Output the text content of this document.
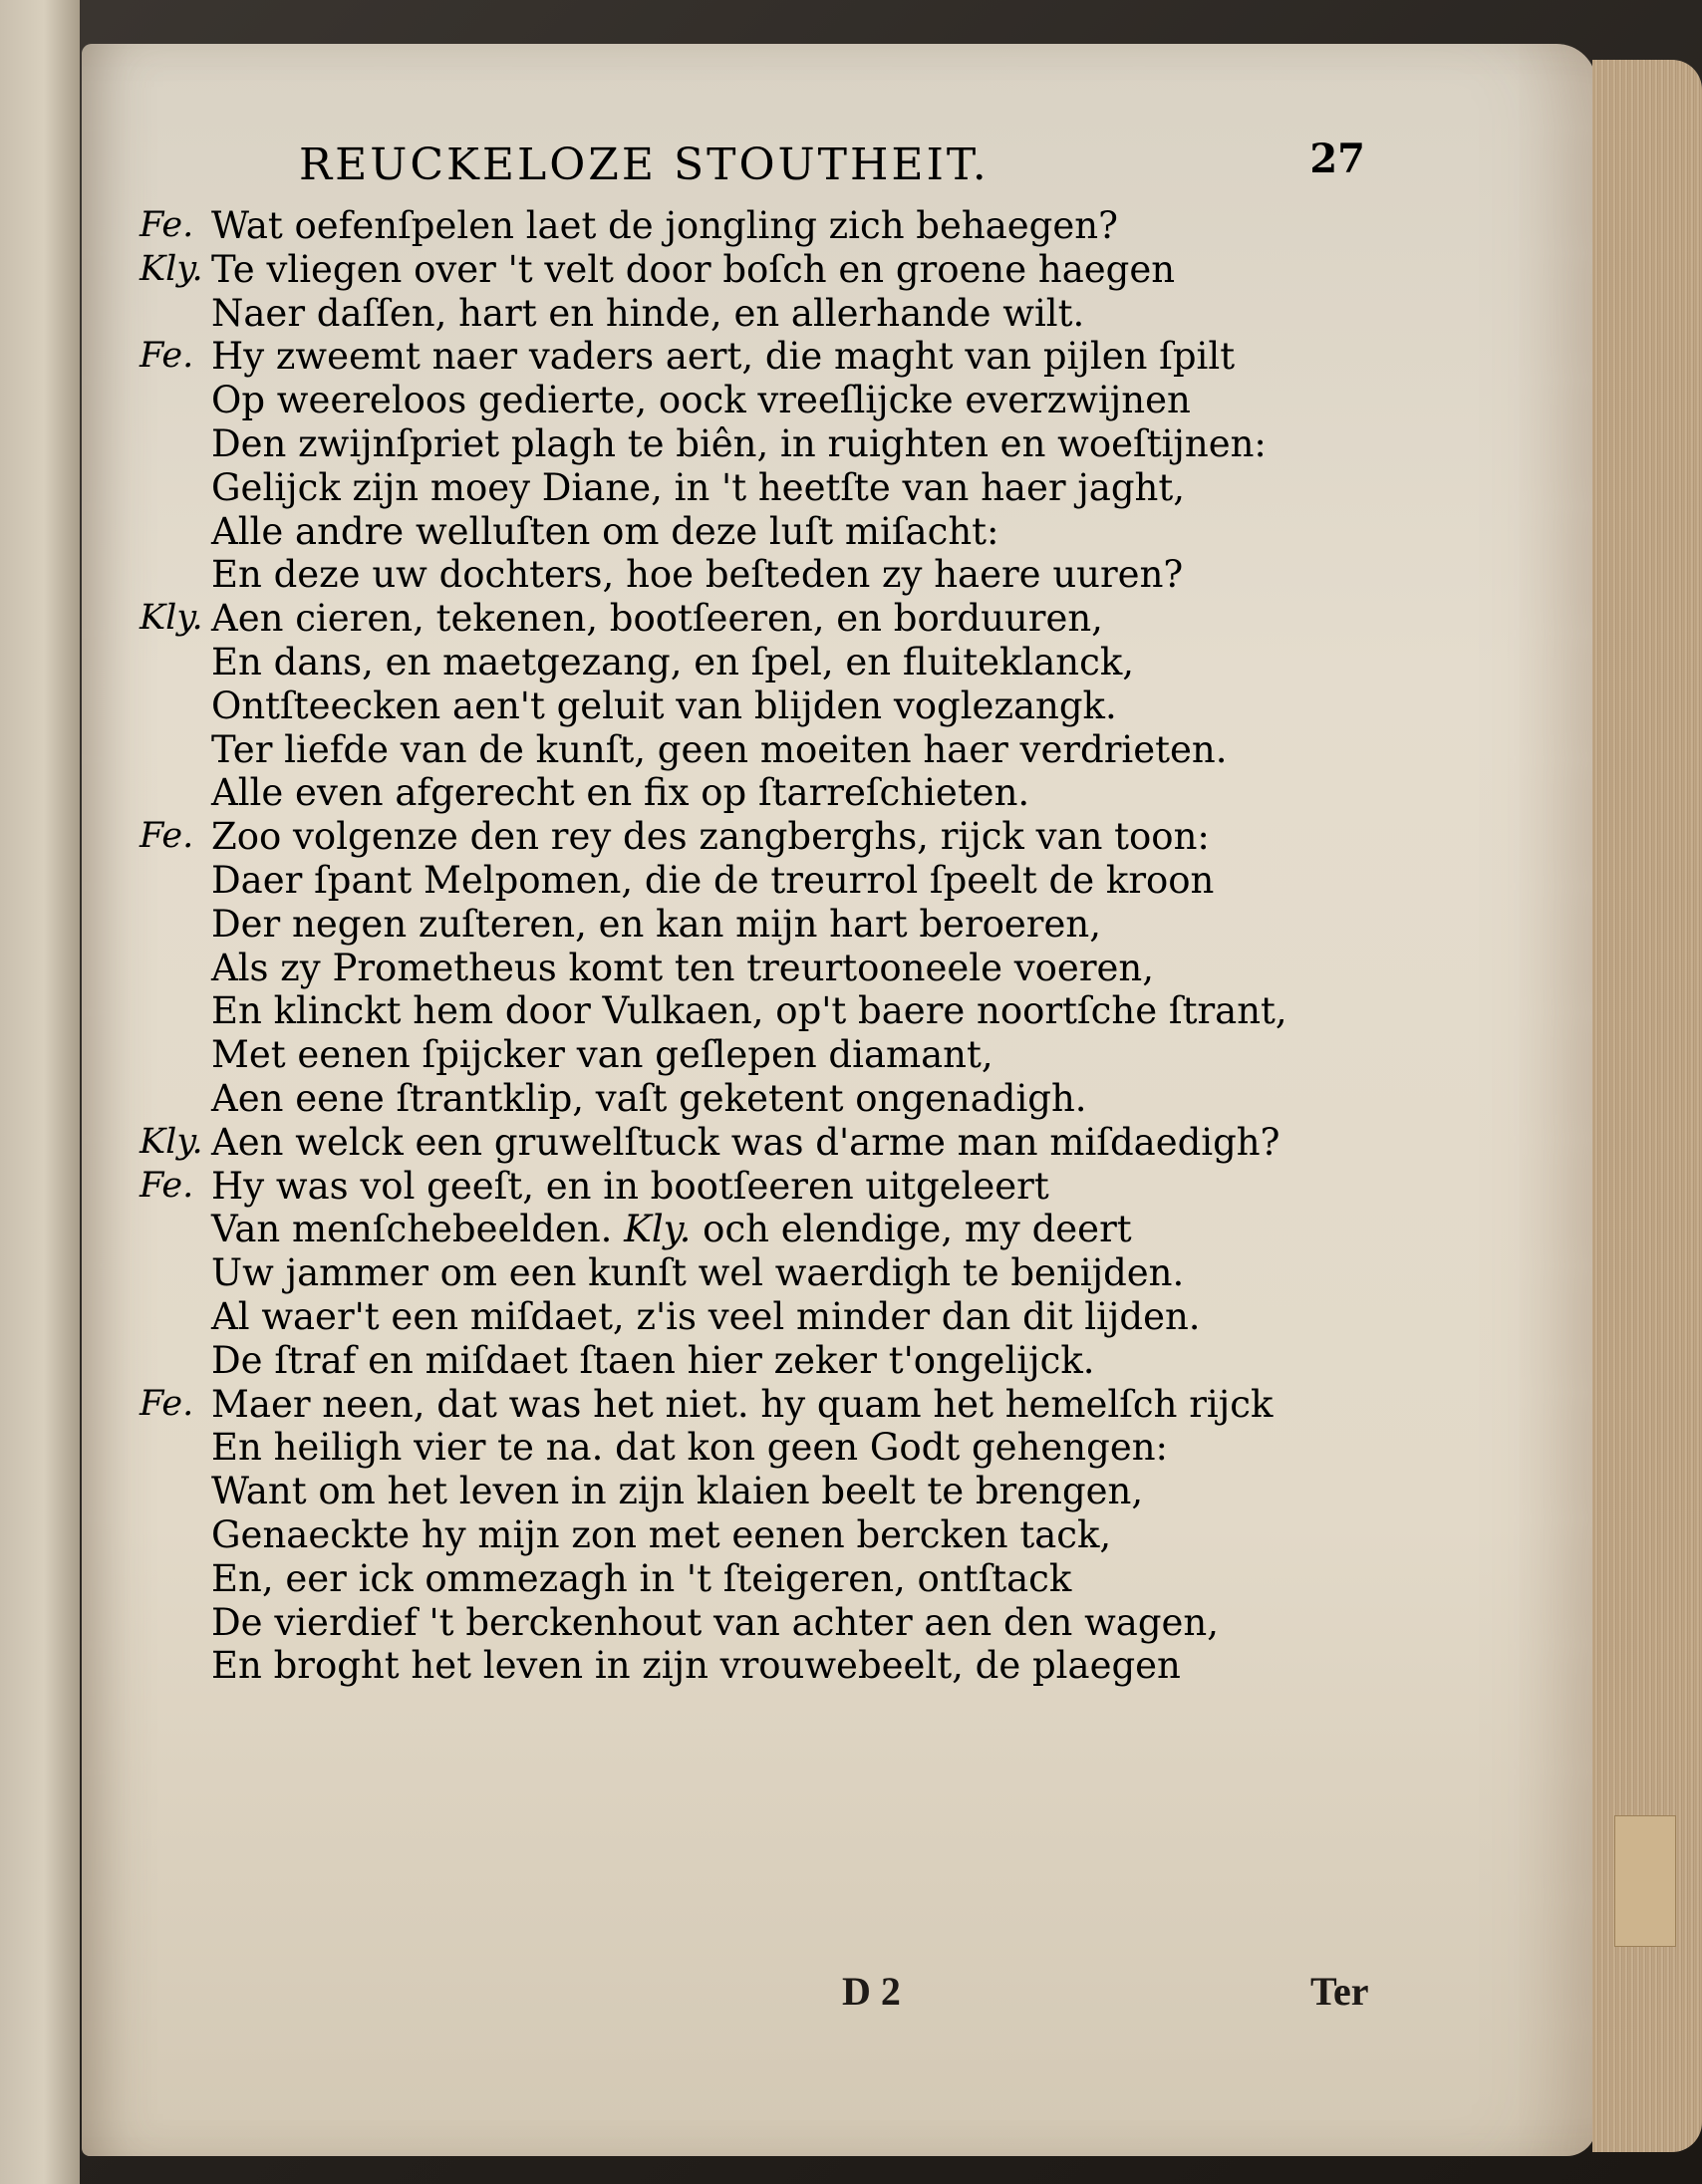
REUCKELOZE STOUTHEIT.	27
Fe. Wat oefenſpelen laet de jongling zich behaegen?
Kly. Te vliegen over 't velt door boſch en groene haegen
Naer daſſen, hart en hinde, en allerhande wilt.
Fe. Hy zweemt naer vaders aert, die maght van pijlen ſpilt
Op weereloos gedierte, oock vreeſlijcke everzwijnen
Den zwijnſpriet plagh te biên, in ruighten en woeſtijnen:
Gelijck zijn moey Diane, in 't heetſte van haer jaght,
Alle andre welluſten om deze luſt miſacht:
En deze uw dochters, hoe beſteden zy haere uuren?
Kly. Aen cieren, tekenen, bootſeeren, en borduuren,
En dans, en maetgezang, en ſpel, en fluiteklanck,
Ontſteecken aen't geluit van blijden voglezangk.
Ter liefde van de kunſt, geen moeiten haer verdrieten.
Alle even afgerecht en fix op ſtarreſchieten.
Fe. Zoo volgenze den rey des zangberghs, rijck van toon:
Daer ſpant Melpomen, die de treurrol ſpeelt de kroon
Der negen zuſteren, en kan mijn hart beroeren,
Als zy Prometheus komt ten treurtooneele voeren,
En klinckt hem door Vulkaen, op't baere noortſche ſtrant,
Met eenen ſpijcker van geſlepen diamant,
Aen eene ſtrantklip, vaſt geketent ongenadigh.
Kly. Aen welck een gruwelſtuck was d'arme man miſdaedigh?
Fe. Hy was vol geeſt, en in bootſeeren uitgeleert
Van menſchebeelden. Kly. och elendige, my deert
Uw jammer om een kunſt wel waerdigh te benijden.
Al waer't een miſdaet, z'is veel minder dan dit lijden.
De ſtraf en miſdaet ſtaen hier zeker t'ongelijck.
Fe. Maer neen, dat was het niet. hy quam het hemelſch rijck
En heiligh vier te na. dat kon geen Godt gehengen:
Want om het leven in zijn klaien beelt te brengen,
Genaeckte hy mijn zon met eenen bercken tack,
En, eer ick ommezagh in 't ſteigeren, ontſtack
De vierdief 't berckenhout van achter aen den wagen,
En broght het leven in zijn vrouwebeelt, de plaegen
D 2	Ter
